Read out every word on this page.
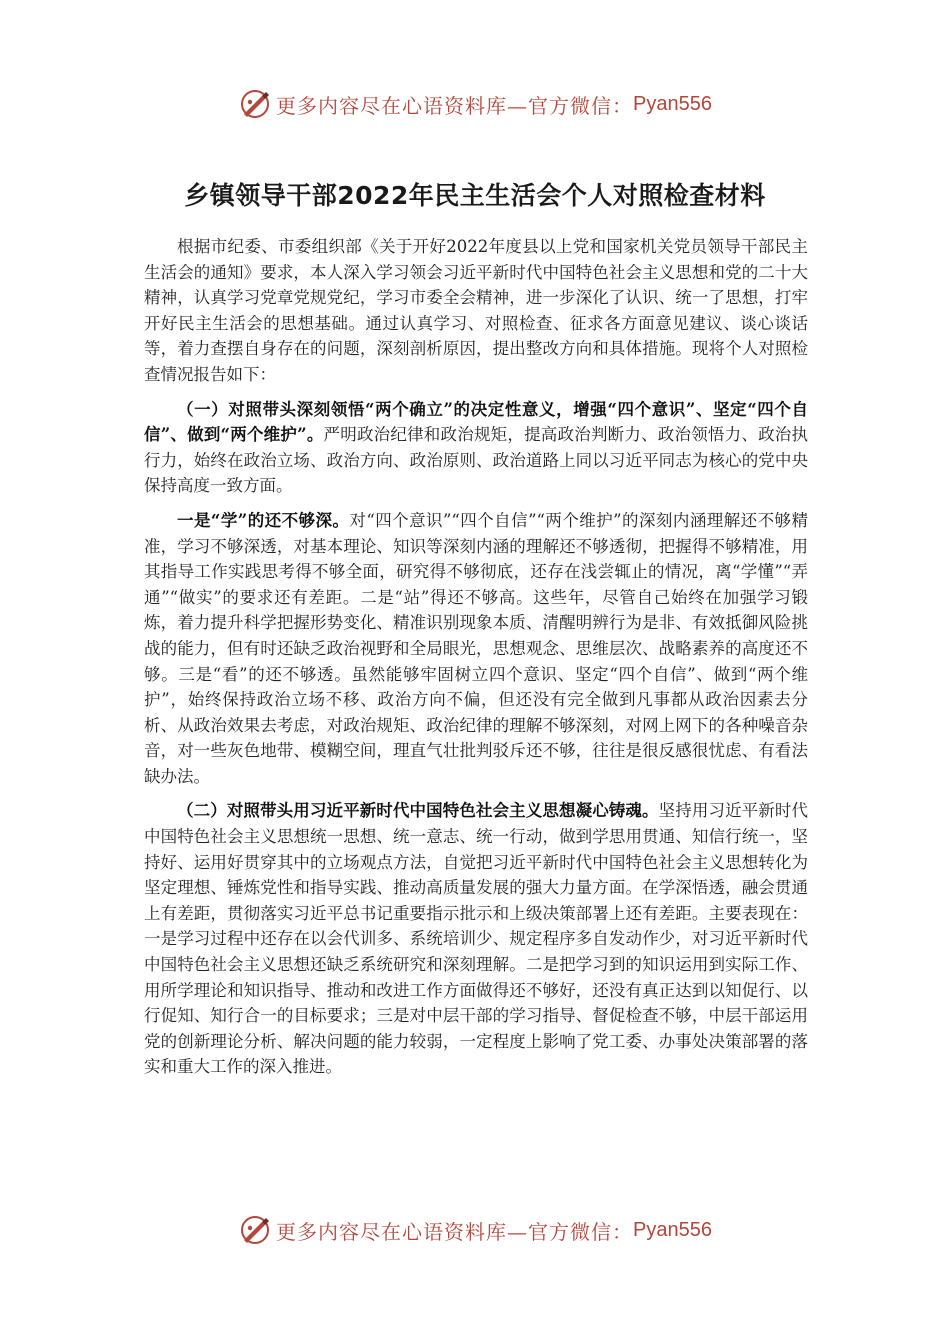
更多内容尽在心语资料库—官方微信： Pyan556
乡镇领导干部2022年民主生活会个人对照检查材料

根据市纪委、市委组织部《关于开好2022年度县以上党和国家机关党员领导干部民主生活会的通知》要求，本人深入学习领会习近平新时代中国特色社会主义思想和党的二十大精神，认真学习党章党规党纪，学习市委全会精神，进一步深化了认识、统一了思想，打牢开好民主生活会的思想基础。通过认真学习、对照检查、征求各方面意见建议、谈心谈话等，着力查摆自身存在的问题，深刻剖析原因，提出整改方向和具体措施。现将个人对照检查情况报告如下：

（一）对照带头深刻领悟“两个确立”的决定性意义，增强“四个意识”、坚定“四个自信”、做到“两个维护”。严明政治纪律和政治规矩，提高政治判断力、政治领悟力、政治执行力，始终在政治立场、政治方向、政治原则、政治道路上同以习近平同志为核心的党中央保持高度一致方面。

一是“学”的还不够深。对“四个意识”“四个自信”“两个维护”的深刻内涵理解还不够精准，学习不够深透，对基本理论、知识等深刻内涵的理解还不够透彻，把握得不够精准，用其指导工作实践思考得不够全面，研究得不够彻底，还存在浅尝辄止的情况，离“学懂”“弄通”“做实”的要求还有差距。二是“站”得还不够高。这些年，尽管自己始终在加强学习锻炼，着力提升科学把握形势变化、精准识别现象本质、清醒明辨行为是非、有效抵御风险挑战的能力，但有时还缺乏政治视野和全局眼光，思想观念、思维层次、战略素养的高度还不够。三是“看”的还不够透。虽然能够牢固树立四个意识、坚定“四个自信”、做到“两个维护”，始终保持政治立场不移、政治方向不偏，但还没有完全做到凡事都从政治因素去分析、从政治效果去考虑，对政治规矩、政治纪律的理解不够深刻，对网上网下的各种噪音杂音，对一些灰色地带、模糊空间，理直气壮批判驳斥还不够，往往是很反感很忧虑、有看法缺办法。

（二）对照带头用习近平新时代中国特色社会主义思想凝心铸魂。坚持用习近平新时代中国特色社会主义思想统一思想、统一意志、统一行动，做到学思用贯通、知信行统一，坚持好、运用好贯穿其中的立场观点方法，自觉把习近平新时代中国特色社会主义思想转化为坚定理想、锤炼党性和指导实践、推动高质量发展的强大力量方面。在学深悟透，融会贯通上有差距，贯彻落实习近平总书记重要指示批示和上级决策部署上还有差距。主要表现在：一是学习过程中还存在以会代训多、系统培训少、规定程序多自发动作少，对习近平新时代中国特色社会主义思想还缺乏系统研究和深刻理解。二是把学习到的知识运用到实际工作、用所学理论和知识指导、推动和改进工作方面做得还不够好，还没有真正达到以知促行、以行促知、知行合一的目标要求；三是对中层干部的学习指导、督促检查不够，中层干部运用党的创新理论分析、解决问题的能力较弱，一定程度上影响了党工委、办事处决策部署的落实和重大工作的深入推进。

更多内容尽在心语资料库—官方微信： Pyan556
